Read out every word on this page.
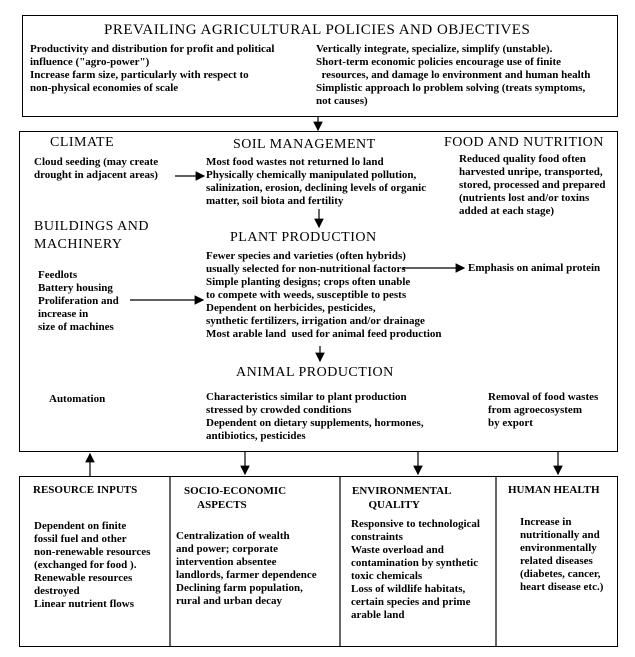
PREVAILING AGRICULTURAL POLICIES AND OBJECTIVES
Productivity and distribution for profit and political
influence ("agro-power")
Increase farm size, particularly with respect to
non-physical economies of scale
Vertically integrate, specialize, simplify (unstable).
Short-term economic policies encourage use of finite
resources, and damage lo environment and human health
Simplistic approach lo problem solving (treats symptoms,
not causes)
CLIMATE
Cloud seeding (may create
drought in adjacent areas)
SOIL MANAGEMENT
Most food wastes not returned lo land
Physically chemically manipulated pollution,
salinization, erosion, declining levels of organic
matter, soil biota and fertility
FOOD AND NUTRITION
Reduced quality food often
harvested unripe, transported,
stored, processed and prepared
(nutrients lost and/or toxins
added at each stage)
BUILDINGS AND
MACHINERY
Feedlots
Battery housing
Proliferation and
increase in
size of machines
PLANT PRODUCTION
Fewer species and varieties (often hybrids)
usually selected for non-nutritional factors
Simple planting designs; crops often unable
to compete with weeds, susceptible to pests
Dependent on herbicides, pesticides,
synthetic fertilizers, irrigation and/or drainage
Most arable land  used for animal feed production
Emphasis on animal protein
ANIMAL PRODUCTION
Automation	Characteristics similar to plant production
stressed by crowded conditions
Dependent on dietary supplements, hormones,
antibiotics, pesticides
Removal of food wastes
from agroecosystem
by export
RESOURCE INPUTS
Dependent on finite
fossil fuel and other
non-renewable resources
(exchanged for food ).
Renewable resources
destroyed
Linear nutrient flows
SOCIO-ECONOMIC
ASPECTS
Centralization of wealth
and power; corporate
intervention absentee
landlords, farmer dependence
Declining farm population,
rural and urban decay
ENVIRONMENTAL
QUALITY
Responsive to technological
constraints
Waste overload and
contamination by synthetic
toxic chemicals
Loss of wildlife habitats,
certain species and prime
arable land
HUMAN HEALTH
Increase in
nutritionally and
environmentally
related diseases
(diabetes, cancer,
heart disease etc.)
